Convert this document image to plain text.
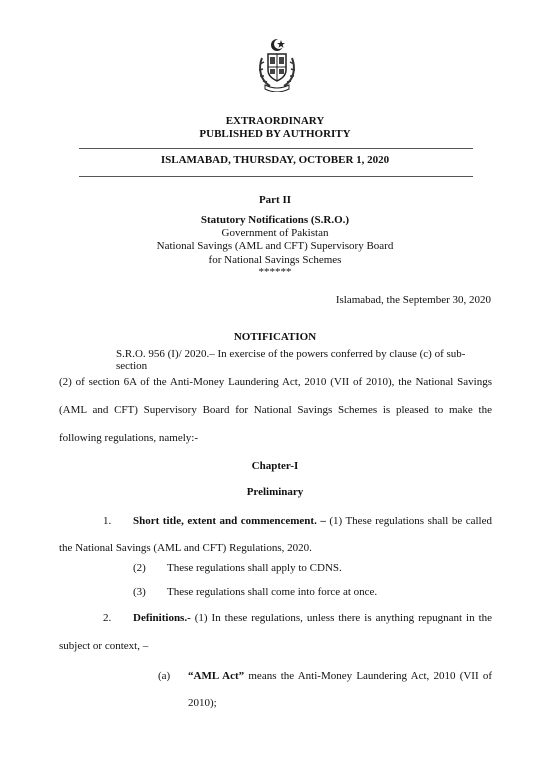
EXTRAORDINARY
PUBLISHED BY AUTHORITY
ISLAMABAD, THURSDAY, OCTOBER 1, 2020
Part II
Statutory Notifications (S.R.O.)
Government of Pakistan
National Savings (AML and CFT) Supervisory Board
for National Savings Schemes
******
Islamabad, the September 30, 2020
NOTIFICATION
S.R.O. 956 (I)/ 2020.– In exercise of the powers conferred by clause (c) of sub-section
(2) of section 6A of the Anti-Money Laundering Act, 2010 (VII of 2010), the National Savings
(AML and CFT) Supervisory Board for National Savings Schemes is pleased to make the
following regulations, namely:-
Chapter-I
Preliminary
1. Short title, extent and commencement. – (1) These regulations shall be called
the National Savings (AML and CFT) Regulations, 2020.
(2) These regulations shall apply to CDNS.
(3) These regulations shall come into force at once.
2. Definitions.- (1) In these regulations, unless there is anything repugnant in the
subject or context, –
(a) “AML Act” means the Anti-Money Laundering Act, 2010 (VII of
2010);
